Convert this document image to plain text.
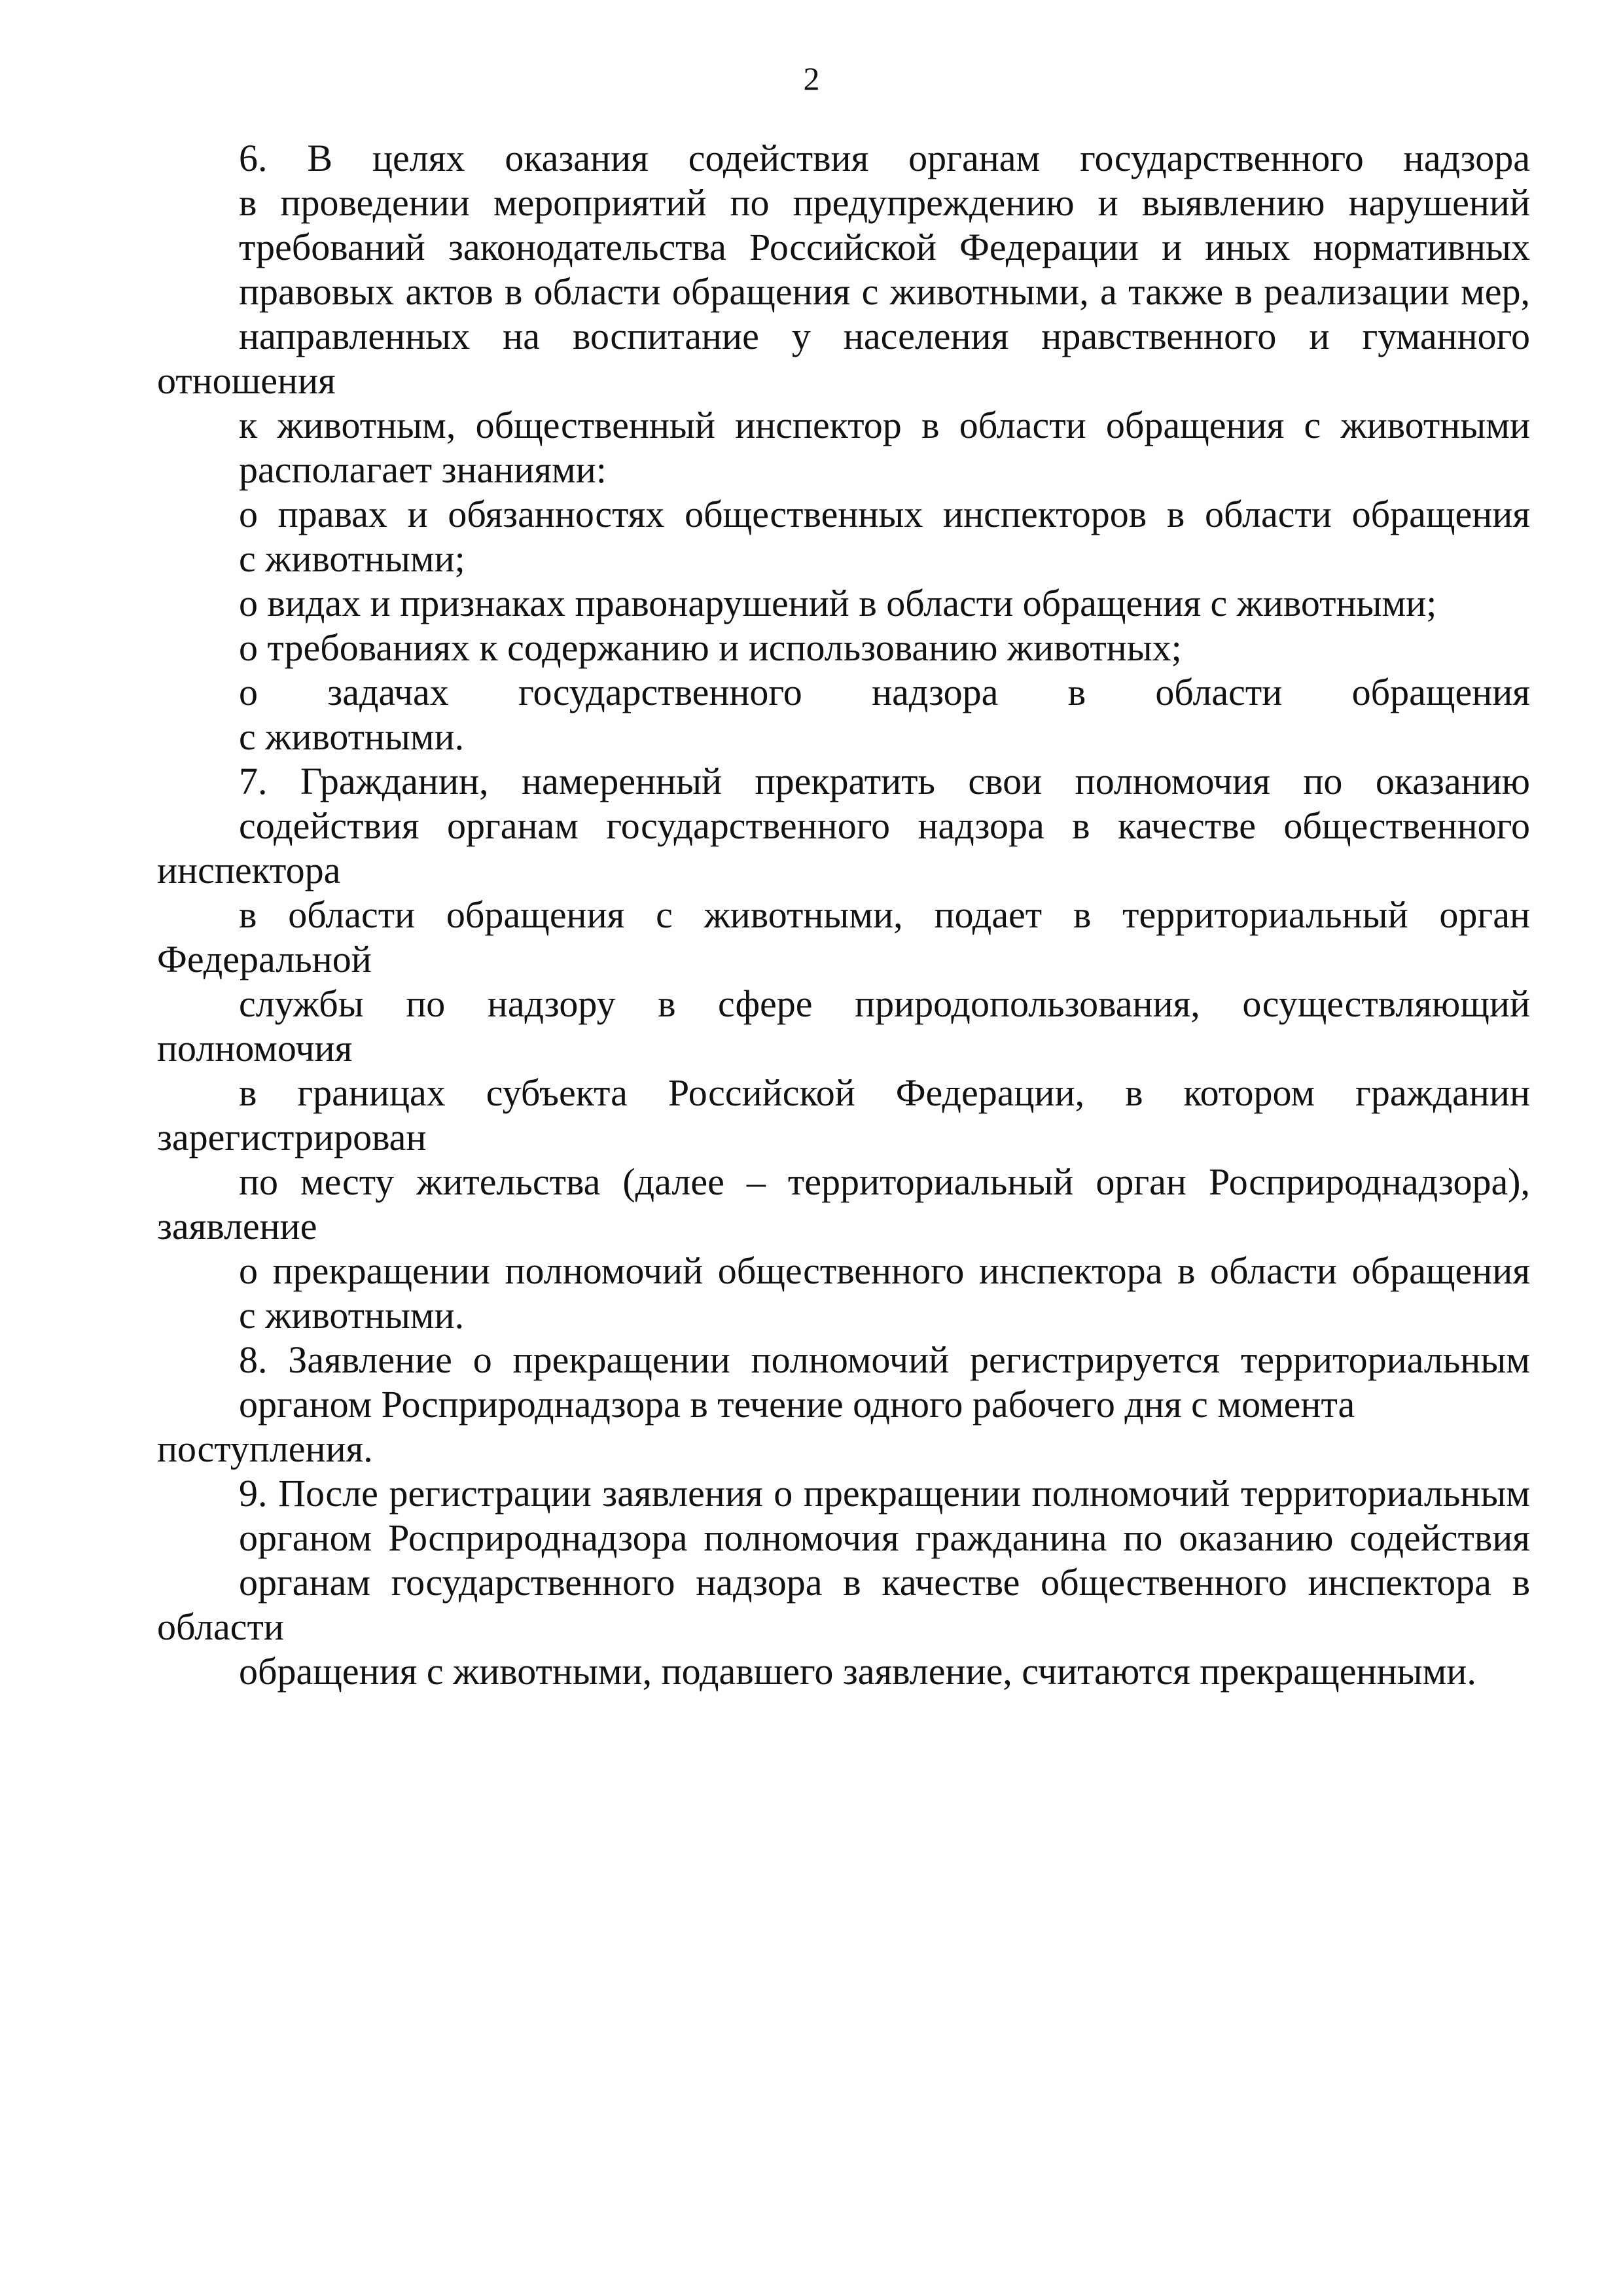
2
6. В целях оказания содействия органам государственного надзора
в проведении мероприятий по предупреждению и выявлению нарушений
требований законодательства Российской Федерации и иных нормативных
правовых актов в области обращения с животными, а также в реализации мер,
направленных на воспитание у населения нравственного и гуманного отношения
к животным, общественный инспектор в области обращения с животными
располагает знаниями:
о правах и обязанностях общественных инспекторов в области обращения
с животными;
о видах и признаках правонарушений в области обращения с животными;
о требованиях к содержанию и использованию животных;
о задачах государственного надзора в области обращения
с животными.
7. Гражданин, намеренный прекратить свои полномочия по оказанию
содействия органам государственного надзора в качестве общественного инспектора
в области обращения с животными, подает в территориальный орган Федеральной
службы по надзору в сфере природопользования, осуществляющий полномочия
в границах субъекта Российской Федерации, в котором гражданин зарегистрирован
по месту жительства (далее – территориальный орган Росприроднадзора), заявление
о прекращении полномочий общественного инспектора в области обращения
с животными.
8. Заявление о прекращении полномочий регистрируется территориальным
органом Росприроднадзора в течение одного рабочего дня с момента поступления.
9. После регистрации заявления о прекращении полномочий территориальным
органом Росприроднадзора полномочия гражданина по оказанию содействия
органам государственного надзора в качестве общественного инспектора в области
обращения с животными, подавшего заявление, считаются прекращенными.
